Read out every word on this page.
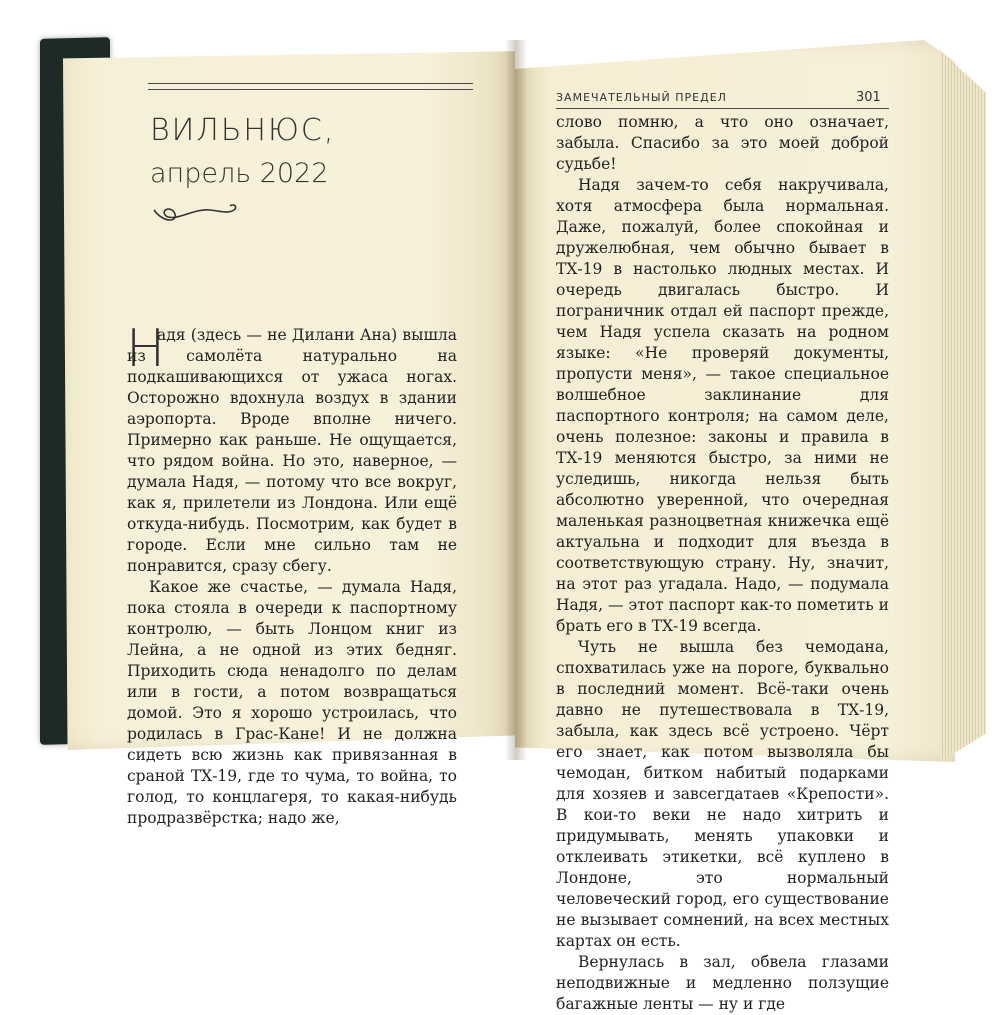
ВИЛЬНЮС,
апрель 2022
Н

адя (здесь — не Дилани Ана) вышла из самолёта натурально на подкашивающихся от ужаса ногах. Осторожно вдохнула воздух в здании аэропорта. Вроде вполне ничего. Примерно как раньше. Не ощущается, что рядом война. Но это, наверное, — думала Надя, — потому что все вокруг, как я, прилетели из Лондона. Или ещё откуда-нибудь. Посмотрим, как будет в городе. Если мне сильно там не понравится, сразу сбегу.

Какое же счастье, — думала Надя, пока стояла в очереди к паспортному контролю, — быть Лонцом книг из Лейна, а не одной из этих бедняг. Приходить сюда ненадолго по делам или в гости, а потом возвращаться домой. Это я хорошо устроилась, что родилась в Грас-Кане! И не должна сидеть всю жизнь как привязанная в сраной ТХ-19, где то чума, то война, то голод, то концлагеря, то какая-нибудь продразвёрстка; надо же,

ЗАМЕЧАТЕЛЬНЫЙ ПРЕДЕЛ	301

слово помню, а что оно означает, забыла. Спасибо за это моей доброй судьбе!

Надя зачем-то себя накручивала, хотя атмосфера была нормальная. Даже, пожалуй, более спокойная и дружелюбная, чем обычно бывает в ТХ-19 в настолько людных местах. И очередь двигалась быстро. И пограничник отдал ей паспорт прежде, чем Надя успела сказать на родном языке: «Не проверяй документы, пропусти меня», — такое специальное волшебное заклинание для паспортного контроля; на самом деле, очень полезное: законы и правила в ТХ-19 меняются быстро, за ними не уследишь, никогда нельзя быть абсолютно уверенной, что очередная маленькая разноцветная книжечка ещё актуальна и подходит для въезда в соответствующую страну. Ну, значит, на этот раз угадала. Надо, — подумала Надя, — этот паспорт как-то пометить и брать его в ТХ-19 всегда.

Чуть не вышла без чемодана, спохватилась уже на пороге, буквально в последний момент. Всё-таки очень давно не путешествовала в ТХ-19, забыла, как здесь всё устроено. Чёрт его знает, как потом вызволяла бы чемодан, битком набитый подарками для хозяев и завсегдатаев «Крепости». В кои-то веки не надо хитрить и придумывать, менять упаковки и отклеивать этикетки, всё куплено в Лондоне, это нормальный человеческий город, его существование не вызывает сомнений, на всех местных картах он есть.

Вернулась в зал, обвела глазами неподвижные и медленно ползущие багажные ленты — ну и где
